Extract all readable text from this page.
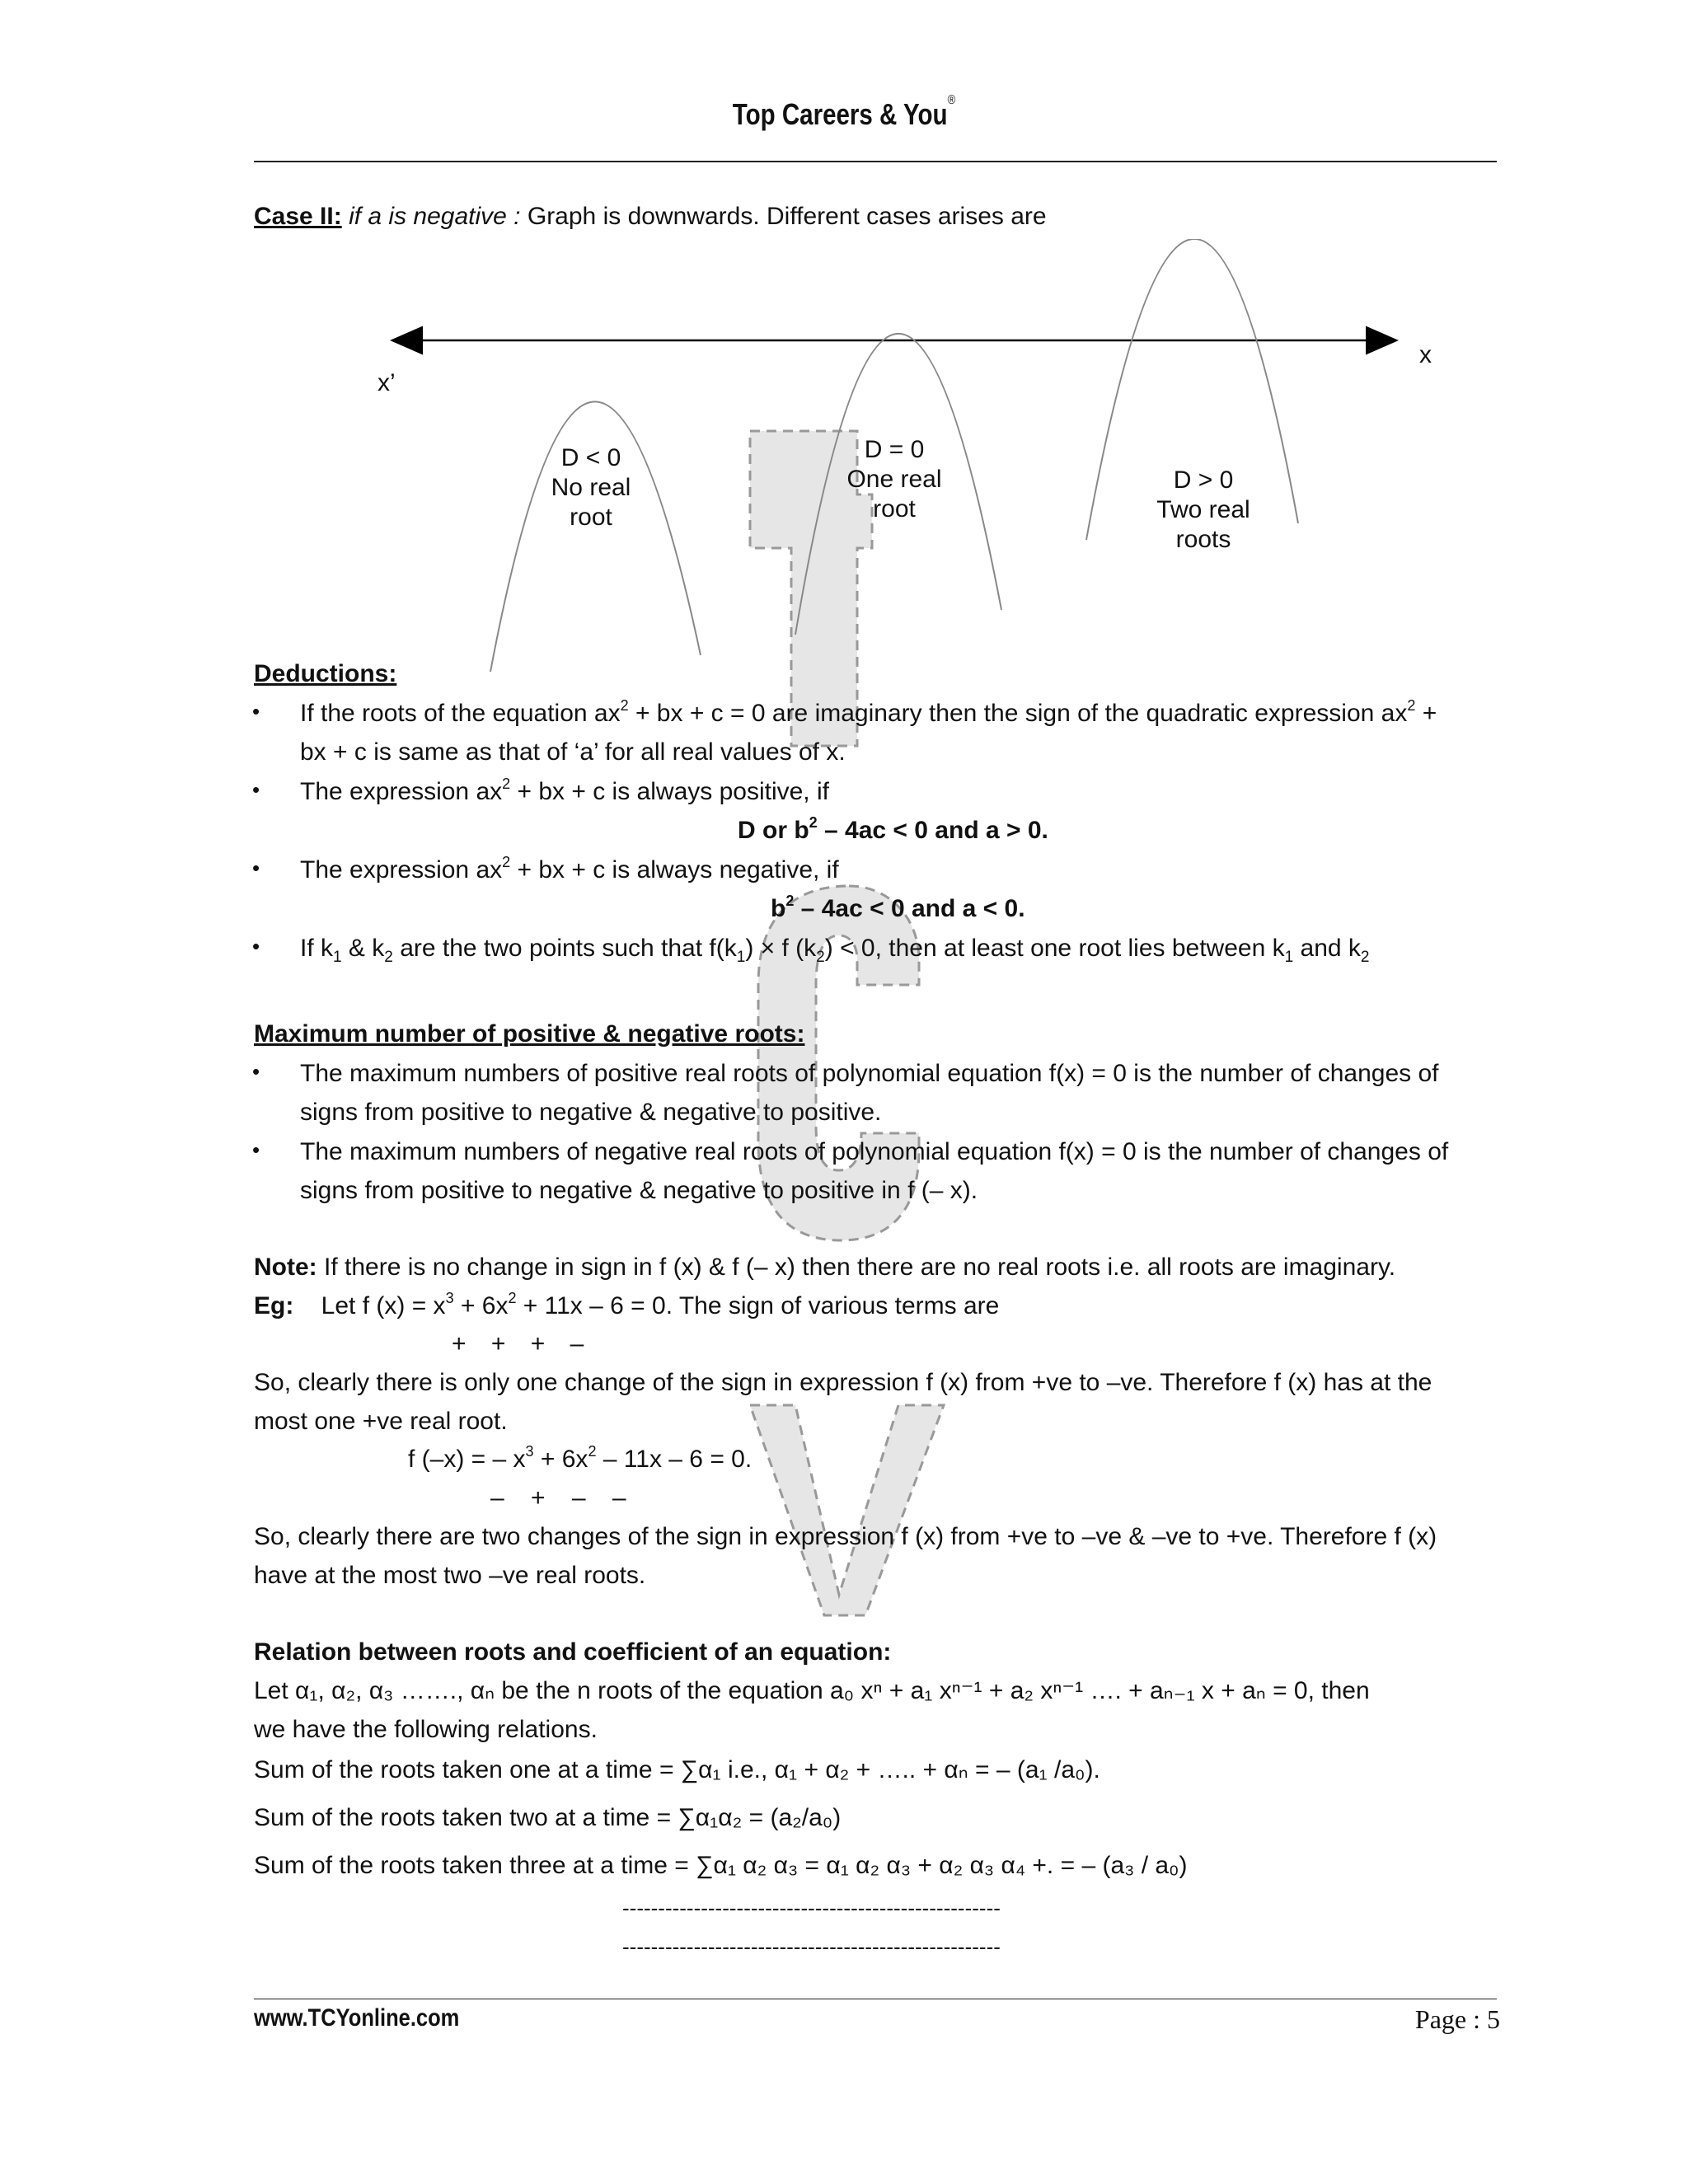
Top Careers & You®
Case II: if a is negative : Graph is downwards. Different cases arises are
x
x’
D < 0
No real
root
D = 0
One real
root
D > 0
Two real
roots
Deductions:
• If the roots of the equation $ax^2$ + bx + c = 0 are imaginary then the sign of the quadratic expression $ax^2$ +
bx + c is same as that of ‘a’ for all real values of x.
• The expression $ax^2$ + bx + c is always positive, if
D or $b^2 - 4ac < 0$ and a > 0.
• The expression $ax^2$ + bx + c is always negative, if
$b^2 - 4ac < 0$ and a < 0.
• If $k_1$ & $k_2$ are the two points such that $f(k_1) \times f$ $(k_2) < 0$, then at least one root lies between $k_1$ and $k_2$
Maximum number of positive & negative roots:
• The maximum numbers of positive real roots of polynomial equation f(x) = 0 is the number of changes of
signs from positive to negative & negative to positive.
• The maximum numbers of negative real roots of polynomial equation f(x) = 0 is the number of changes of
signs from positive to negative & negative to positive in f (– x).
Note: If there is no change in sign in f (x) & f (– x) then there are no real roots i.e. all roots are imaginary.
Eg: Let f $(x) = x^3 + 6x^2 + 11x - 6 = 0$. The sign of various terms are
+ + + –
So, clearly there is only one change of the sign in expression f (x) from +ve to –ve. Therefore f (x) has at the
most one +ve real root.
f (–x) = – $x^3 + 6x^2 - 11x - 6 = 0$.
– + – –
So, clearly there are two changes of the sign in expression f (x) from +ve to –ve & –ve to +ve. Therefore f (x)
have at the most two –ve real roots.
Relation between roots and coefficient of an equation:
Let α₁, α₂, α₃ ……., αₙ be the n roots of the equation a₀ xⁿ + a₁ xⁿ⁻¹ + a₂ xⁿ⁻¹ …. + aₙ₋₁ x + aₙ = 0, then
we have the following relations.
Sum of the roots taken one at a time = ∑α₁ i.e., α₁ + α₂ + ….. + αₙ = – (a₁ /a₀).
Sum of the roots taken two at a time = ∑α₁α₂ = (a₂/a₀)
Sum of the roots taken three at a time = ∑α₁ α₂ α₃ = α₁ α₂ α₃ + α₂ α₃ α₄ +. = – (a₃ / a₀)
-----------------------------------------------------
-----------------------------------------------------
www.TCYonline.com	Page : 5
